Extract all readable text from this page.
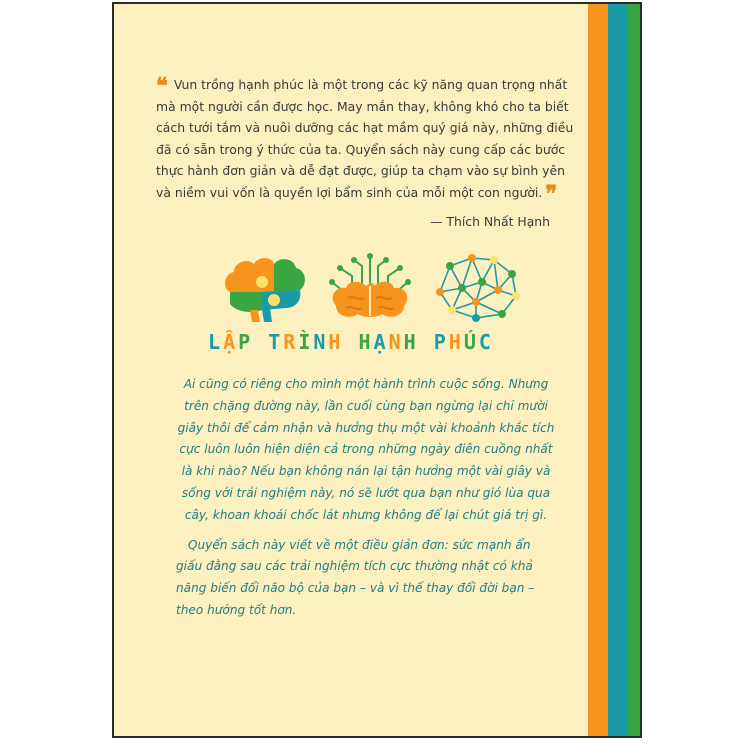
❝ Vun trồng hạnh phúc là một trong các kỹ năng quan trọng nhất mà một người cần được học. May mắn thay, không khó cho ta biết cách tưới tắm và nuôi dưỡng các hạt mầm quý giá này, những điều đã có sẵn trong ý thức của ta. Quyển sách này cung cấp các bước thực hành đơn giản và dễ đạt được, giúp ta chạm vào sự bình yên và niềm vui vốn là quyền lợi bẩm sinh của mỗi một con người. ❞
— Thích Nhất Hạnh
LẬP TRÌNH HẠNH PHÚC

Ai cũng có riêng cho mình một hành trình cuộc sống. Nhưng trên chặng đường này, lần cuối cùng bạn ngừng lại chỉ mười giây thôi để cảm nhận và hưởng thụ một vài khoảnh khắc tích cực luôn luôn hiện diện cả trong những ngày điên cuồng nhất là khi nào? Nếu bạn không nán lại tận hưởng một vài giây và sống với trải nghiệm này, nó sẽ lướt qua bạn như gió lùa qua cây, khoan khoái chốc lát nhưng không để lại chút giá trị gì.

Quyển sách này viết về một điều giản đơn: sức mạnh ẩn giấu đằng sau các trải nghiệm tích cực thường nhật có khả năng biến đổi não bộ của bạn – và vì thế thay đổi đời bạn – theo hướng tốt hơn.
